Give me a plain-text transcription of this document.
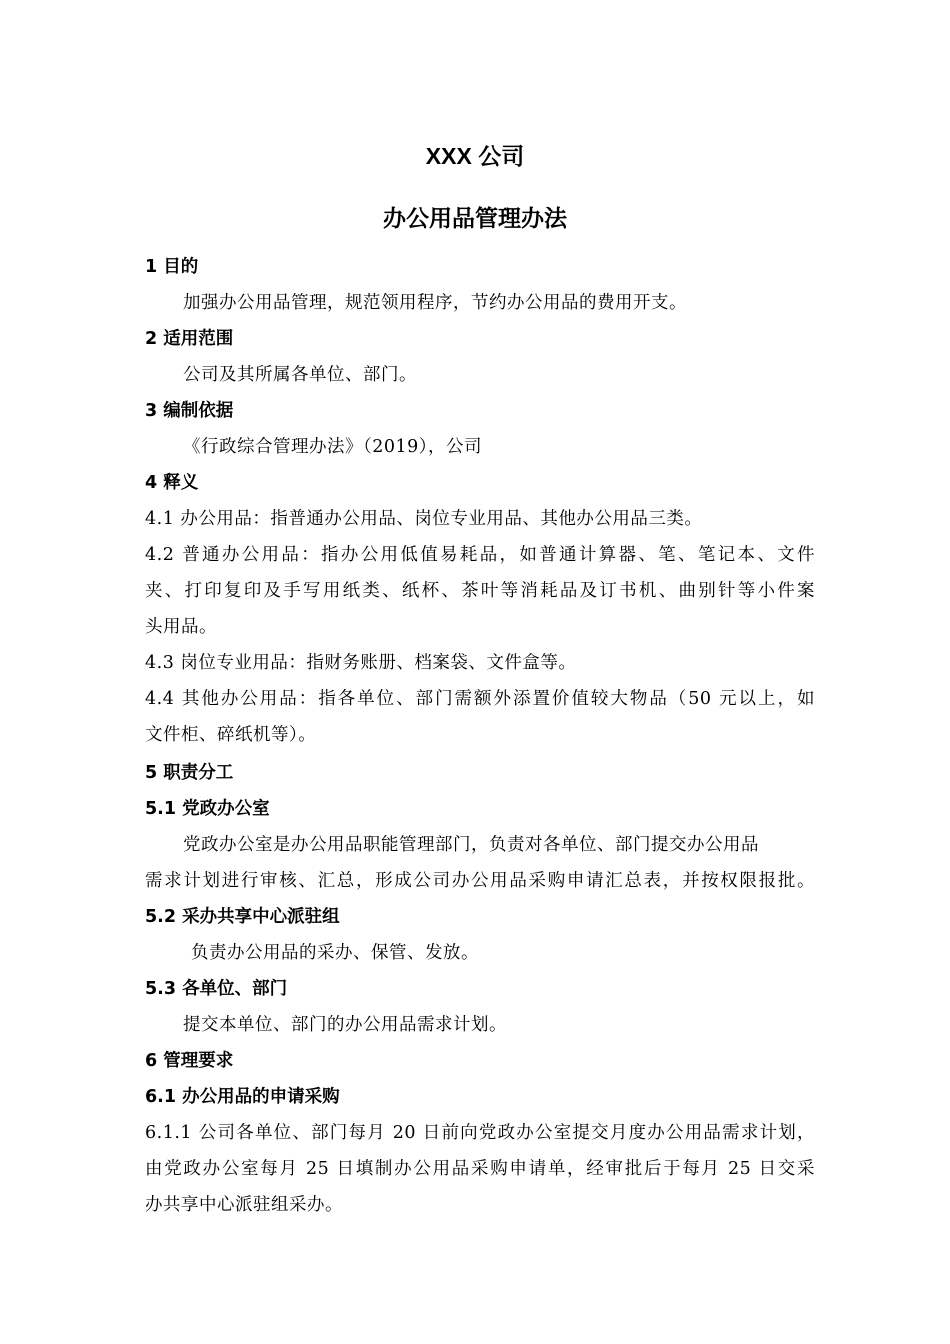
XXX 公司
办公用品管理办法
1 目的
加强办公用品管理，规范领用程序，节约办公用品的费用开支。
2 适用范围
公司及其所属各单位、部门。
3 编制依据
《行政综合管理办法》（2019），公司
4 释义
4.1 办公用品：指普通办公用品、岗位专业用品、其他办公用品三类。
4.2 普通办公用品：指办公用低值易耗品，如普通计算器、笔、笔记本、文件
夹、打印复印及手写用纸类、纸杯、茶叶等消耗品及订书机、曲别针等小件案
头用品。
4.3 岗位专业用品：指财务账册、档案袋、文件盒等。
4.4 其他办公用品：指各单位、部门需额外添置价值较大物品（50 元以上，如
文件柜、碎纸机等）。
5 职责分工
5.1 党政办公室
党政办公室是办公用品职能管理部门，负责对各单位、部门提交办公用品
需求计划进行审核、汇总，形成公司办公用品采购申请汇总表，并按权限报批。
5.2 采办共享中心派驻组
负责办公用品的采办、保管、发放。
5.3 各单位、部门
提交本单位、部门的办公用品需求计划。
6 管理要求
6.1 办公用品的申请采购
6.1.1 公司各单位、部门每月 20 日前向党政办公室提交月度办公用品需求计划，
由党政办公室每月 25 日填制办公用品采购申请单，经审批后于每月 25 日交采
办共享中心派驻组采办。
